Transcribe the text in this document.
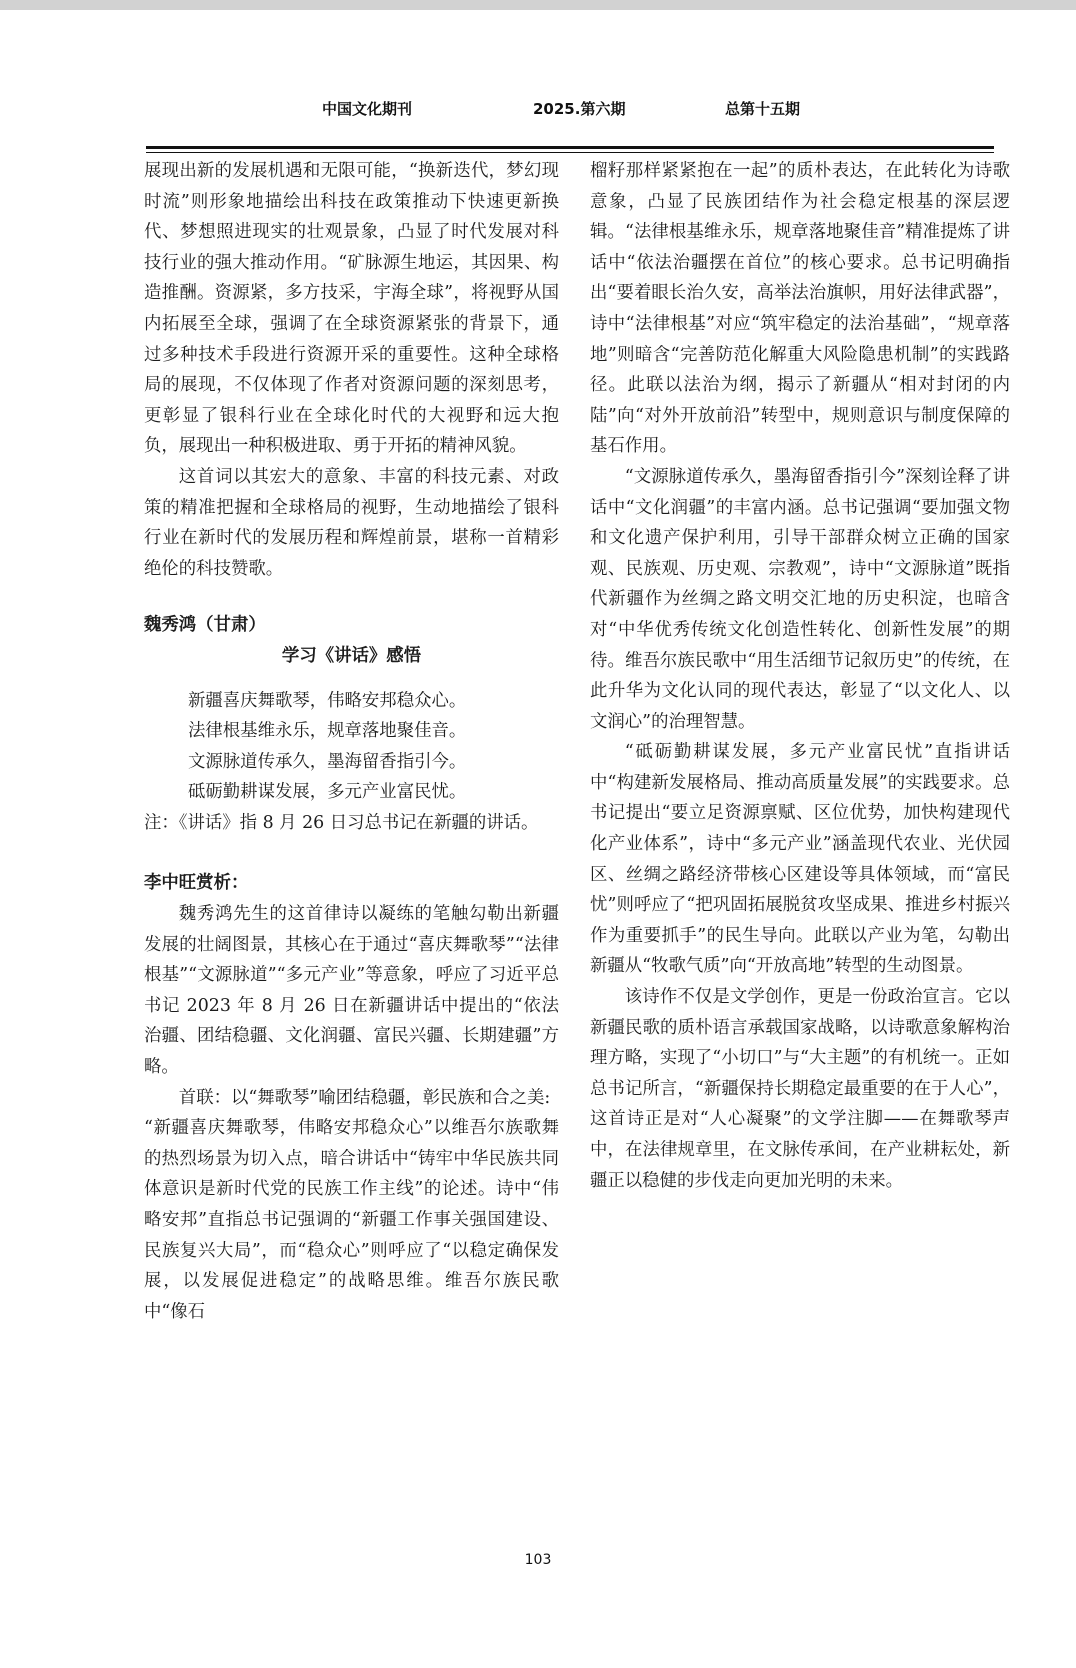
中国文化期刊	2025.第六期	总第十五期

展现出新的发展机遇和无限可能，“换新迭代，梦幻现时流”则形象地描绘出科技在政策推动下快速更新换代、梦想照进现实的壮观景象，凸显了时代发展对科技行业的强大推动作用。“矿脉源生地运，其因果、构造推酬。资源紧，多方技采，宇海全球”，将视野从国内拓展至全球，强调了在全球资源紧张的背景下，通过多种技术手段进行资源开采的重要性。这种全球格局的展现，不仅体现了作者对资源问题的深刻思考，更彰显了银科行业在全球化时代的大视野和远大抱负，展现出一种积极进取、勇于开拓的精神风貌。

这首词以其宏大的意象、丰富的科技元素、对政策的精准把握和全球格局的视野，生动地描绘了银科行业在新时代的发展历程和辉煌前景，堪称一首精彩绝伦的科技赞歌。

魏秀鸿（甘肃）

学习《讲话》感悟

新疆喜庆舞歌琴，伟略安邦稳众心。

法律根基维永乐，规章落地聚佳音。

文源脉道传承久，墨海留香指引今。

砥砺勤耕谋发展，多元产业富民忧。

注：《讲话》指 8 月 26 日习总书记在新疆的讲话。

李中旺赏析：

魏秀鸿先生的这首律诗以凝练的笔触勾勒出新疆发展的壮阔图景，其核心在于通过“喜庆舞歌琴”“法律根基”“文源脉道”“多元产业”等意象，呼应了习近平总书记 2023 年 8 月 26 日在新疆讲话中提出的“依法治疆、团结稳疆、文化润疆、富民兴疆、长期建疆”方略。

首联：以“舞歌琴”喻团结稳疆，彰民族和合之美:

“新疆喜庆舞歌琴，伟略安邦稳众心”以维吾尔族歌舞的热烈场景为切入点，暗合讲话中“铸牢中华民族共同体意识是新时代党的民族工作主线”的论述。诗中“伟略安邦”直指总书记强调的“新疆工作事关强国建设、民族复兴大局”，而“稳众心”则呼应了“以稳定确保发展，以发展促进稳定”的战略思维。维吾尔族民歌中“像石

榴籽那样紧紧抱在一起”的质朴表达，在此转化为诗歌意象，凸显了民族团结作为社会稳定根基的深层逻辑。“法律根基维永乐，规章落地聚佳音”精准提炼了讲话中“依法治疆摆在首位”的核心要求。总书记明确指出“要着眼长治久安，高举法治旗帜，用好法律武器”，诗中“法律根基”对应“筑牢稳定的法治基础”，“规章落地”则暗含“完善防范化解重大风险隐患机制”的实践路径。此联以法治为纲，揭示了新疆从“相对封闭的内陆”向“对外开放前沿”转型中，规则意识与制度保障的基石作用。

“文源脉道传承久，墨海留香指引今”深刻诠释了讲话中“文化润疆”的丰富内涵。总书记强调“要加强文物和文化遗产保护利用，引导干部群众树立正确的国家观、民族观、历史观、宗教观”，诗中“文源脉道”既指代新疆作为丝绸之路文明交汇地的历史积淀，也暗含对“中华优秀传统文化创造性转化、创新性发展”的期待。维吾尔族民歌中“用生活细节记叙历史”的传统，在此升华为文化认同的现代表达，彰显了“以文化人、以文润心”的治理智慧。

“砥砺勤耕谋发展，多元产业富民忧”直指讲话中“构建新发展格局、推动高质量发展”的实践要求。总书记提出“要立足资源禀赋、区位优势，加快构建现代化产业体系”，诗中“多元产业”涵盖现代农业、光伏园区、丝绸之路经济带核心区建设等具体领域，而“富民忧”则呼应了“把巩固拓展脱贫攻坚成果、推进乡村振兴作为重要抓手”的民生导向。此联以产业为笔，勾勒出新疆从“牧歌气质”向“开放高地”转型的生动图景。

该诗作不仅是文学创作，更是一份政治宣言。它以新疆民歌的质朴语言承载国家战略，以诗歌意象解构治理方略，实现了“小切口”与“大主题”的有机统一。正如总书记所言，“新疆保持长期稳定最重要的在于人心”，这首诗正是对“人心凝聚”的文学注脚——在舞歌琴声中，在法律规章里，在文脉传承间，在产业耕耘处，新疆正以稳健的步伐走向更加光明的未来。

103
